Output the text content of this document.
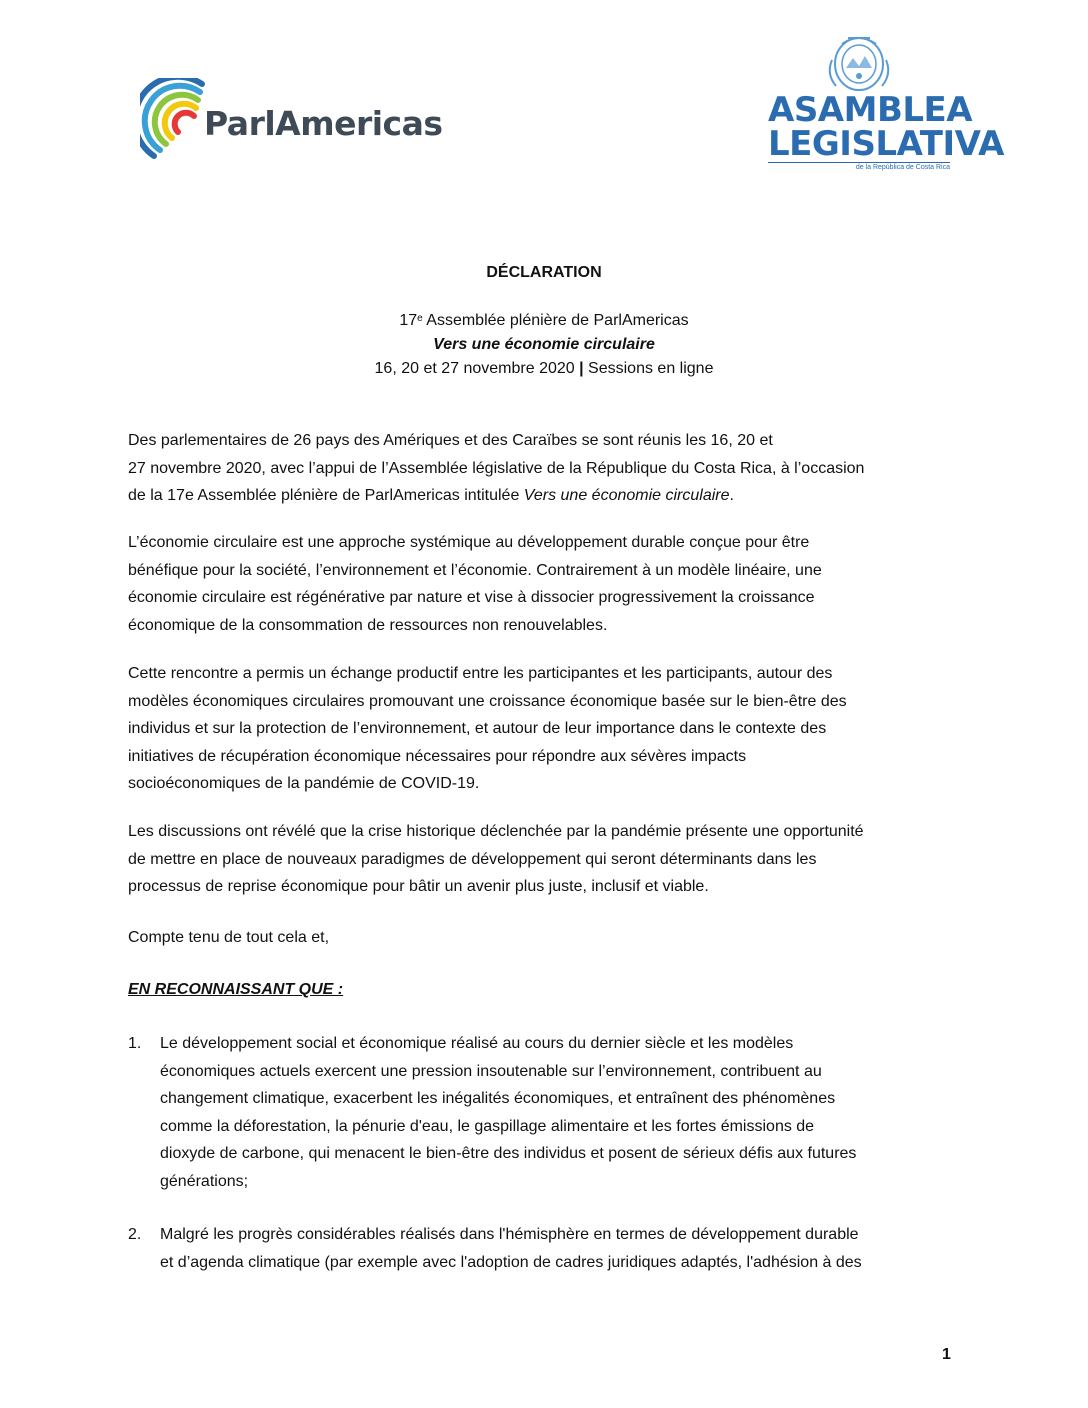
ParlAmericas	ASAMBLEA
LEGISLATIVA
de la República de Costa Rica
DÉCLARATION
17e Assemblée plénière de ParlAmericas
Vers une économie circulaire
16, 20 et 27 novembre 2020 | Sessions en ligne
Des parlementaires de 26 pays des Amériques et des Caraïbes se sont réunis les 16, 20 et
27 novembre 2020, avec l’appui de l’Assemblée législative de la République du Costa Rica, à l’occasion
de la 17e Assemblée plénière de ParlAmericas intitulée Vers une économie circulaire.
L’économie circulaire est une approche systémique au développement durable conçue pour être
bénéfique pour la société, l’environnement et l’économie. Contrairement à un modèle linéaire, une
économie circulaire est régénérative par nature et vise à dissocier progressivement la croissance
économique de la consommation de ressources non renouvelables.
Cette rencontre a permis un échange productif entre les participantes et les participants, autour des
modèles économiques circulaires promouvant une croissance économique basée sur le bien-être des
individus et sur la protection de l’environnement, et autour de leur importance dans le contexte des
initiatives de récupération économique nécessaires pour répondre aux sévères impacts
socioéconomiques de la pandémie de COVID-19.
Les discussions ont révélé que la crise historique déclenchée par la pandémie présente une opportunité
de mettre en place de nouveaux paradigmes de développement qui seront déterminants dans les
processus de reprise économique pour bâtir un avenir plus juste, inclusif et viable.
Compte tenu de tout cela et,
EN RECONNAISSANT QUE :
1. Le développement social et économique réalisé au cours du dernier siècle et les modèles
économiques actuels exercent une pression insoutenable sur l’environnement, contribuent au
changement climatique, exacerbent les inégalités économiques, et entraînent des phénomènes
comme la déforestation, la pénurie d'eau, le gaspillage alimentaire et les fortes émissions de
dioxyde de carbone, qui menacent le bien-être des individus et posent de sérieux défis aux futures
générations;
2. Malgré les progrès considérables réalisés dans l'hémisphère en termes de développement durable
et d’agenda climatique (par exemple avec l'adoption de cadres juridiques adaptés, l'adhésion à des
1
